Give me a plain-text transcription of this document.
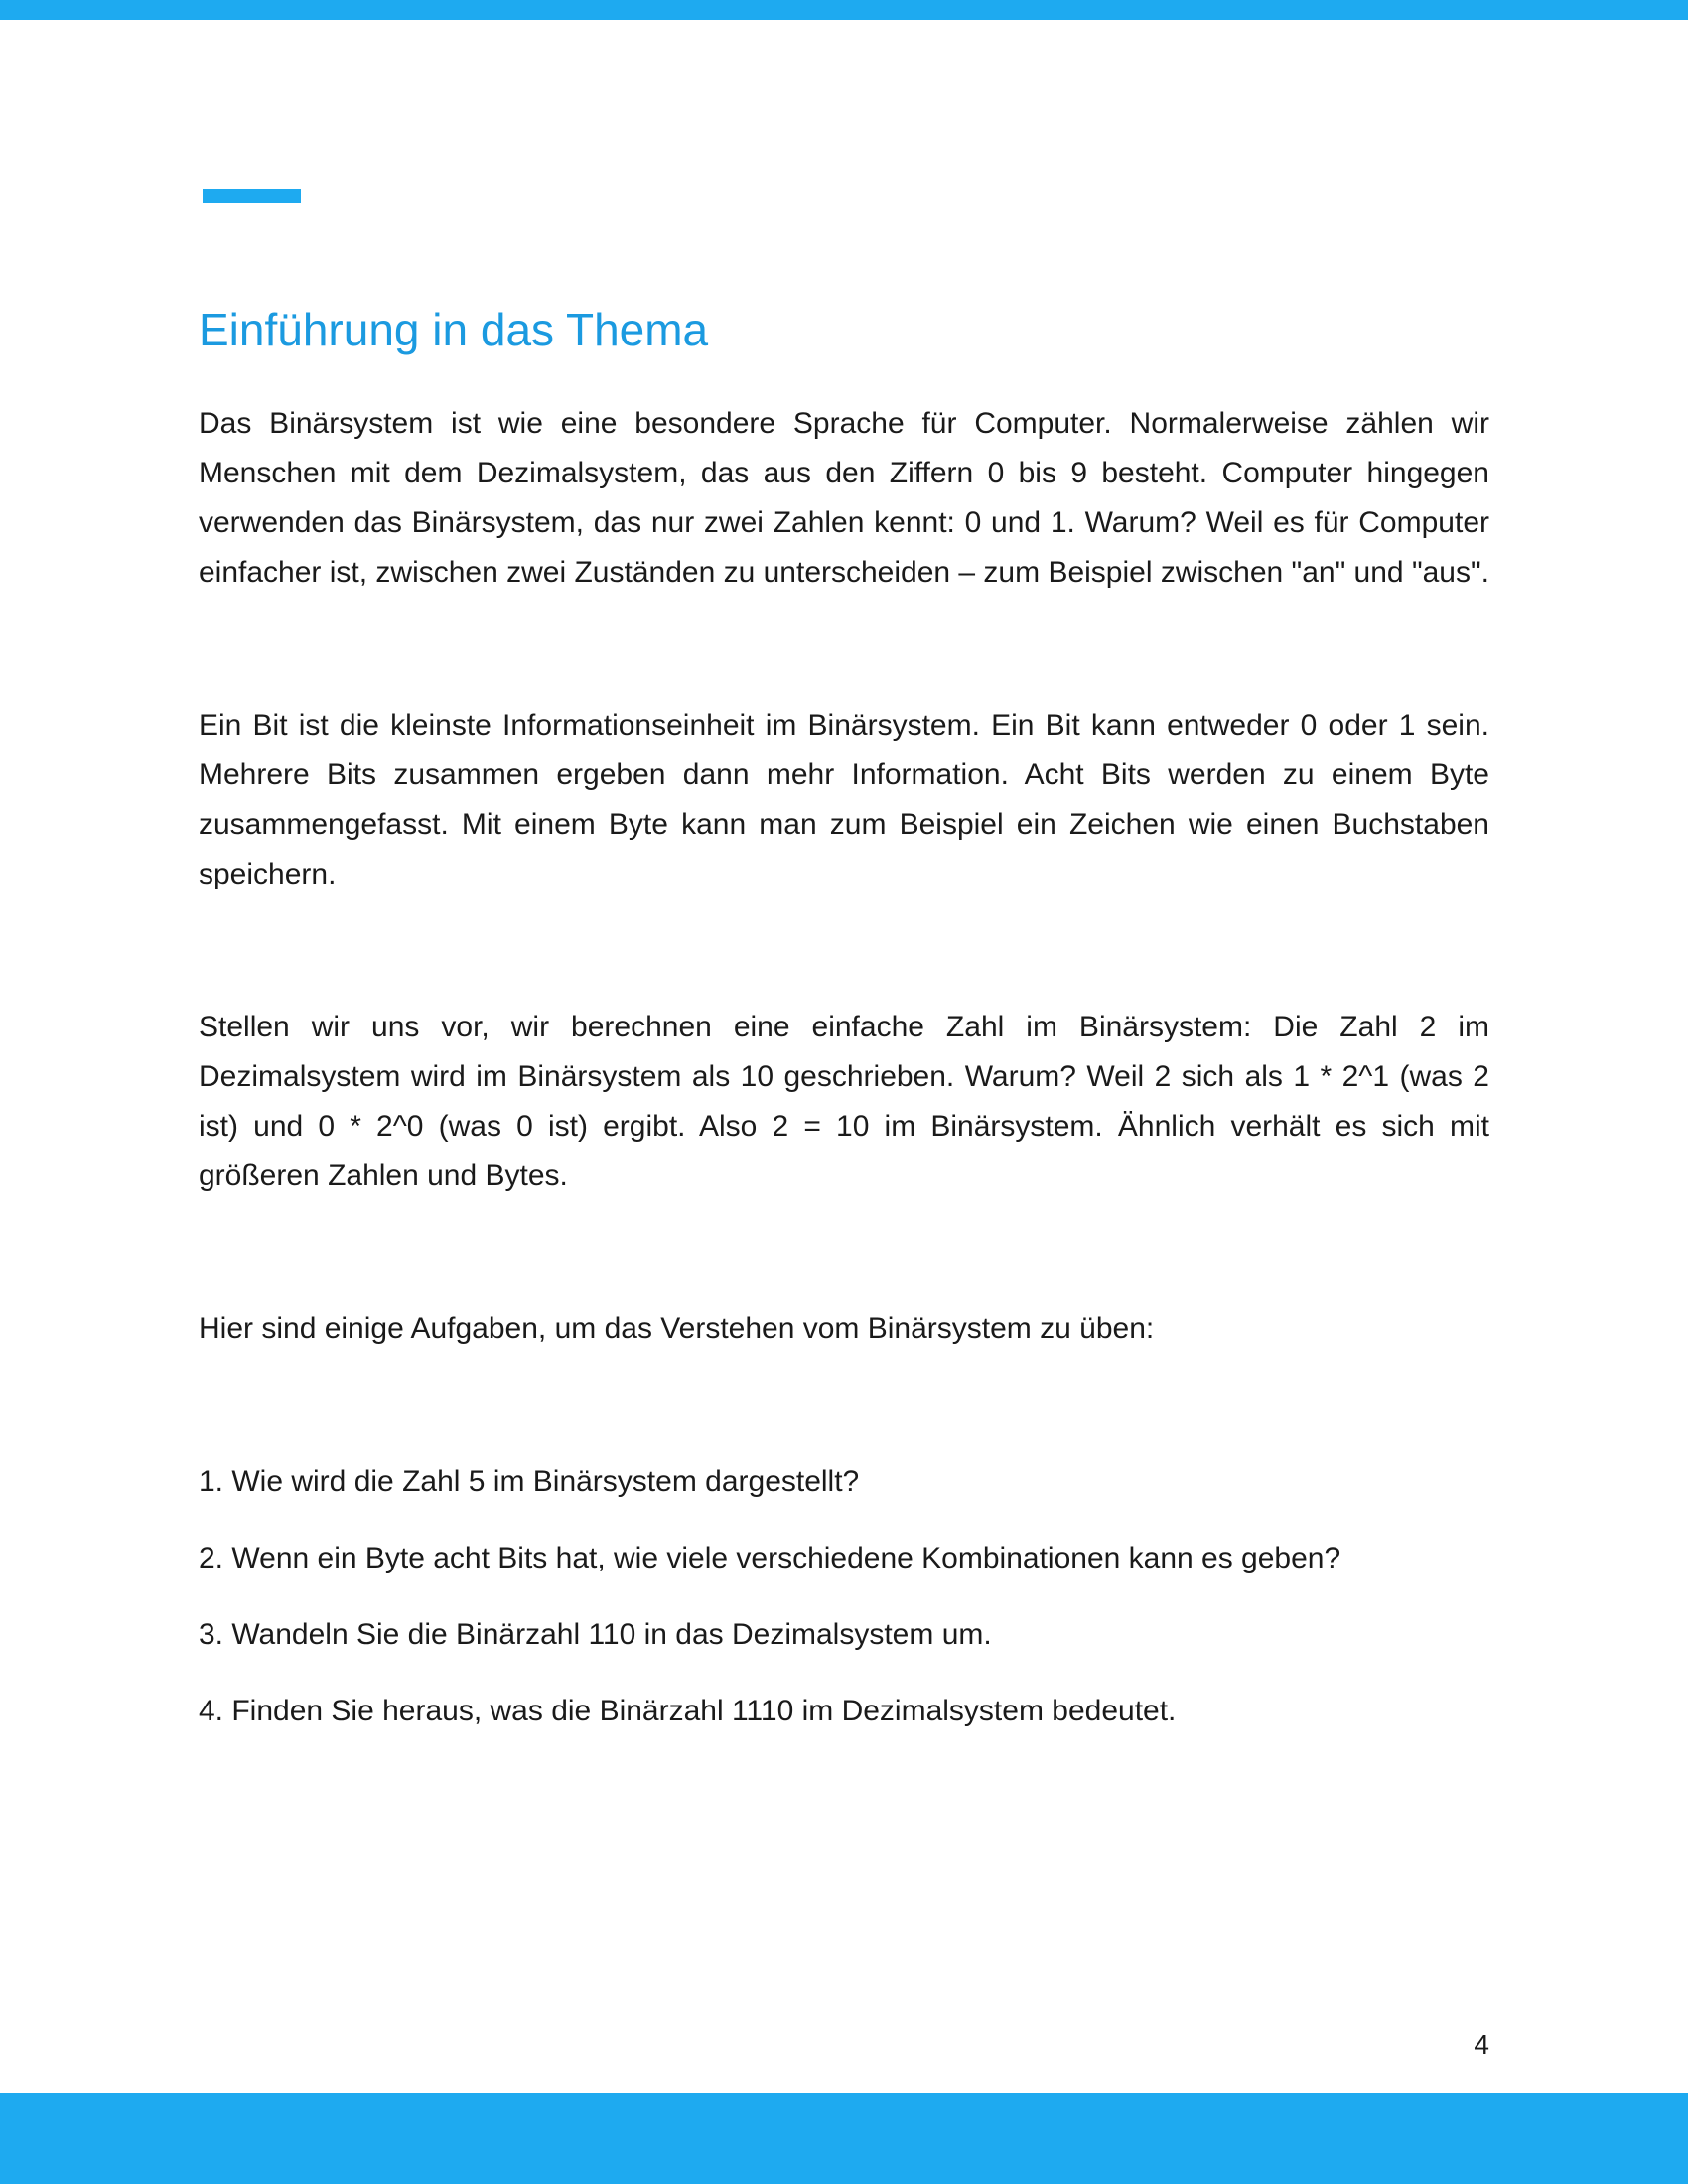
Einführung in das Thema

Das Binärsystem ist wie eine besondere Sprache für Computer. Normalerweise zählen wir Menschen mit dem Dezimalsystem, das aus den Ziffern 0 bis 9 besteht. Computer hingegen verwenden das Binärsystem, das nur zwei Zahlen kennt: 0 und 1. Warum? Weil es für Computer einfacher ist, zwischen zwei Zuständen zu unterscheiden – zum Beispiel zwischen "an" und "aus".

Ein Bit ist die kleinste Informationseinheit im Binärsystem. Ein Bit kann entweder 0 oder 1 sein. Mehrere Bits zusammen ergeben dann mehr Information. Acht Bits werden zu einem Byte zusammengefasst. Mit einem Byte kann man zum Beispiel ein Zeichen wie einen Buchstaben speichern.

Stellen wir uns vor, wir berechnen eine einfache Zahl im Binärsystem: Die Zahl 2 im Dezimalsystem wird im Binärsystem als 10 geschrieben. Warum? Weil 2 sich als 1 * 2^1 (was 2 ist) und 0 * 2^0 (was 0 ist) ergibt. Also 2 = 10 im Binärsystem. Ähnlich verhält es sich mit größeren Zahlen und Bytes.

Hier sind einige Aufgaben, um das Verstehen vom Binärsystem zu üben:

1. Wie wird die Zahl 5 im Binärsystem dargestellt?
2. Wenn ein Byte acht Bits hat, wie viele verschiedene Kombinationen kann es geben?
3. Wandeln Sie die Binärzahl 110 in das Dezimalsystem um.
4. Finden Sie heraus, was die Binärzahl 1110 im Dezimalsystem bedeutet.
4
